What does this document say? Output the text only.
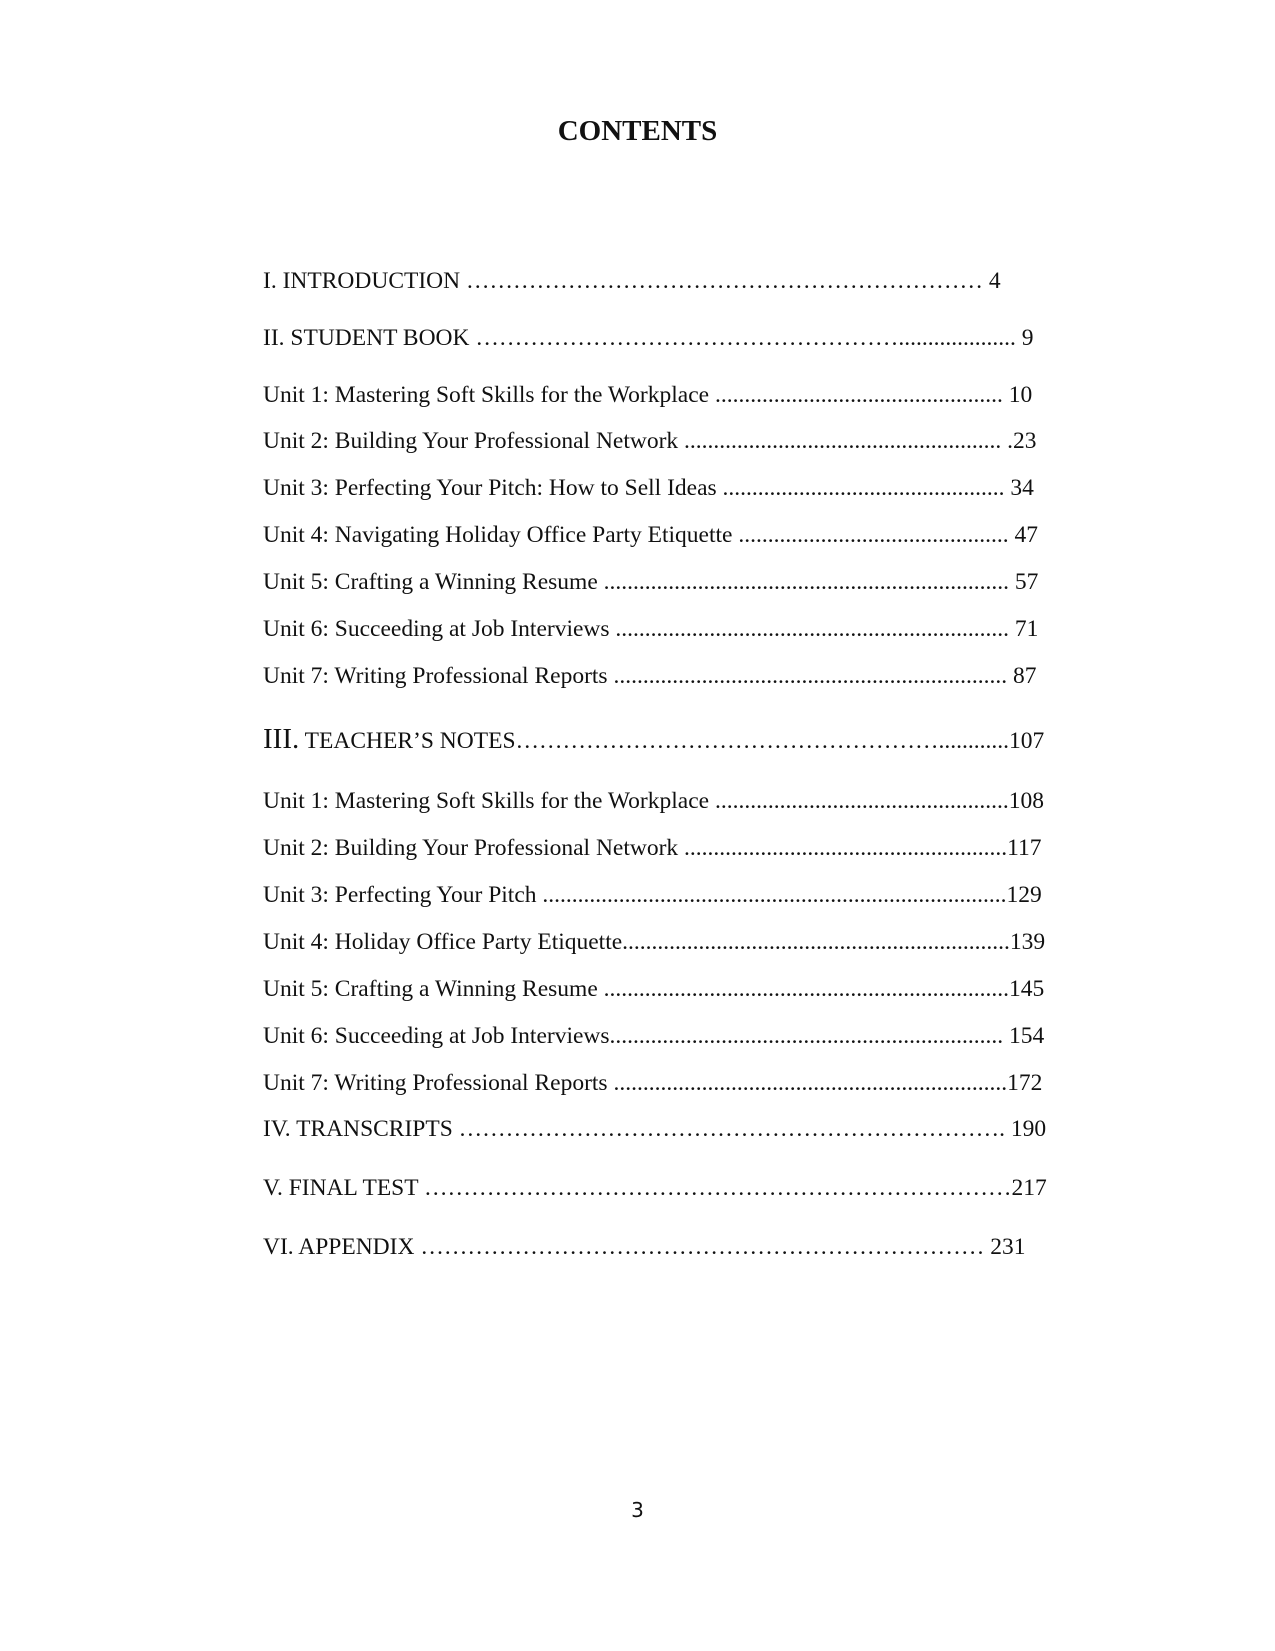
CONTENTS
I. INTRODUCTION ………………………………………………………… 4
II. STUDENT BOOK ……………………………………………….................... 9
Unit 1: Mastering Soft Skills for the Workplace ................................................. 10
Unit 2: Building Your Professional Network ...................................................... .23
Unit 3: Perfecting Your Pitch: How to Sell Ideas ................................................ 34
Unit 4: Navigating Holiday Office Party Etiquette .............................................. 47
Unit 5: Crafting a Winning Resume ..................................................................... 57
Unit 6: Succeeding at Job Interviews ................................................................... 71
Unit 7: Writing Professional Reports ................................................................... 87
III. TEACHER’S NOTES………………………………………………............107
Unit 1: Mastering Soft Skills for the Workplace ..................................................108
Unit 2: Building Your Professional Network .......................................................117
Unit 3: Perfecting Your Pitch ...............................................................................129
Unit 4: Holiday Office Party Etiquette..................................................................139
Unit 5: Crafting a Winning Resume .....................................................................145
Unit 6: Succeeding at Job Interviews................................................................... 154
Unit 7: Writing Professional Reports ...................................................................172
IV. TRANSCRIPTS ……………………………………………………………. 190
V. FINAL TEST …………………………………………………………………217
VI. APPENDIX ……………………………………………………………… 231
3
